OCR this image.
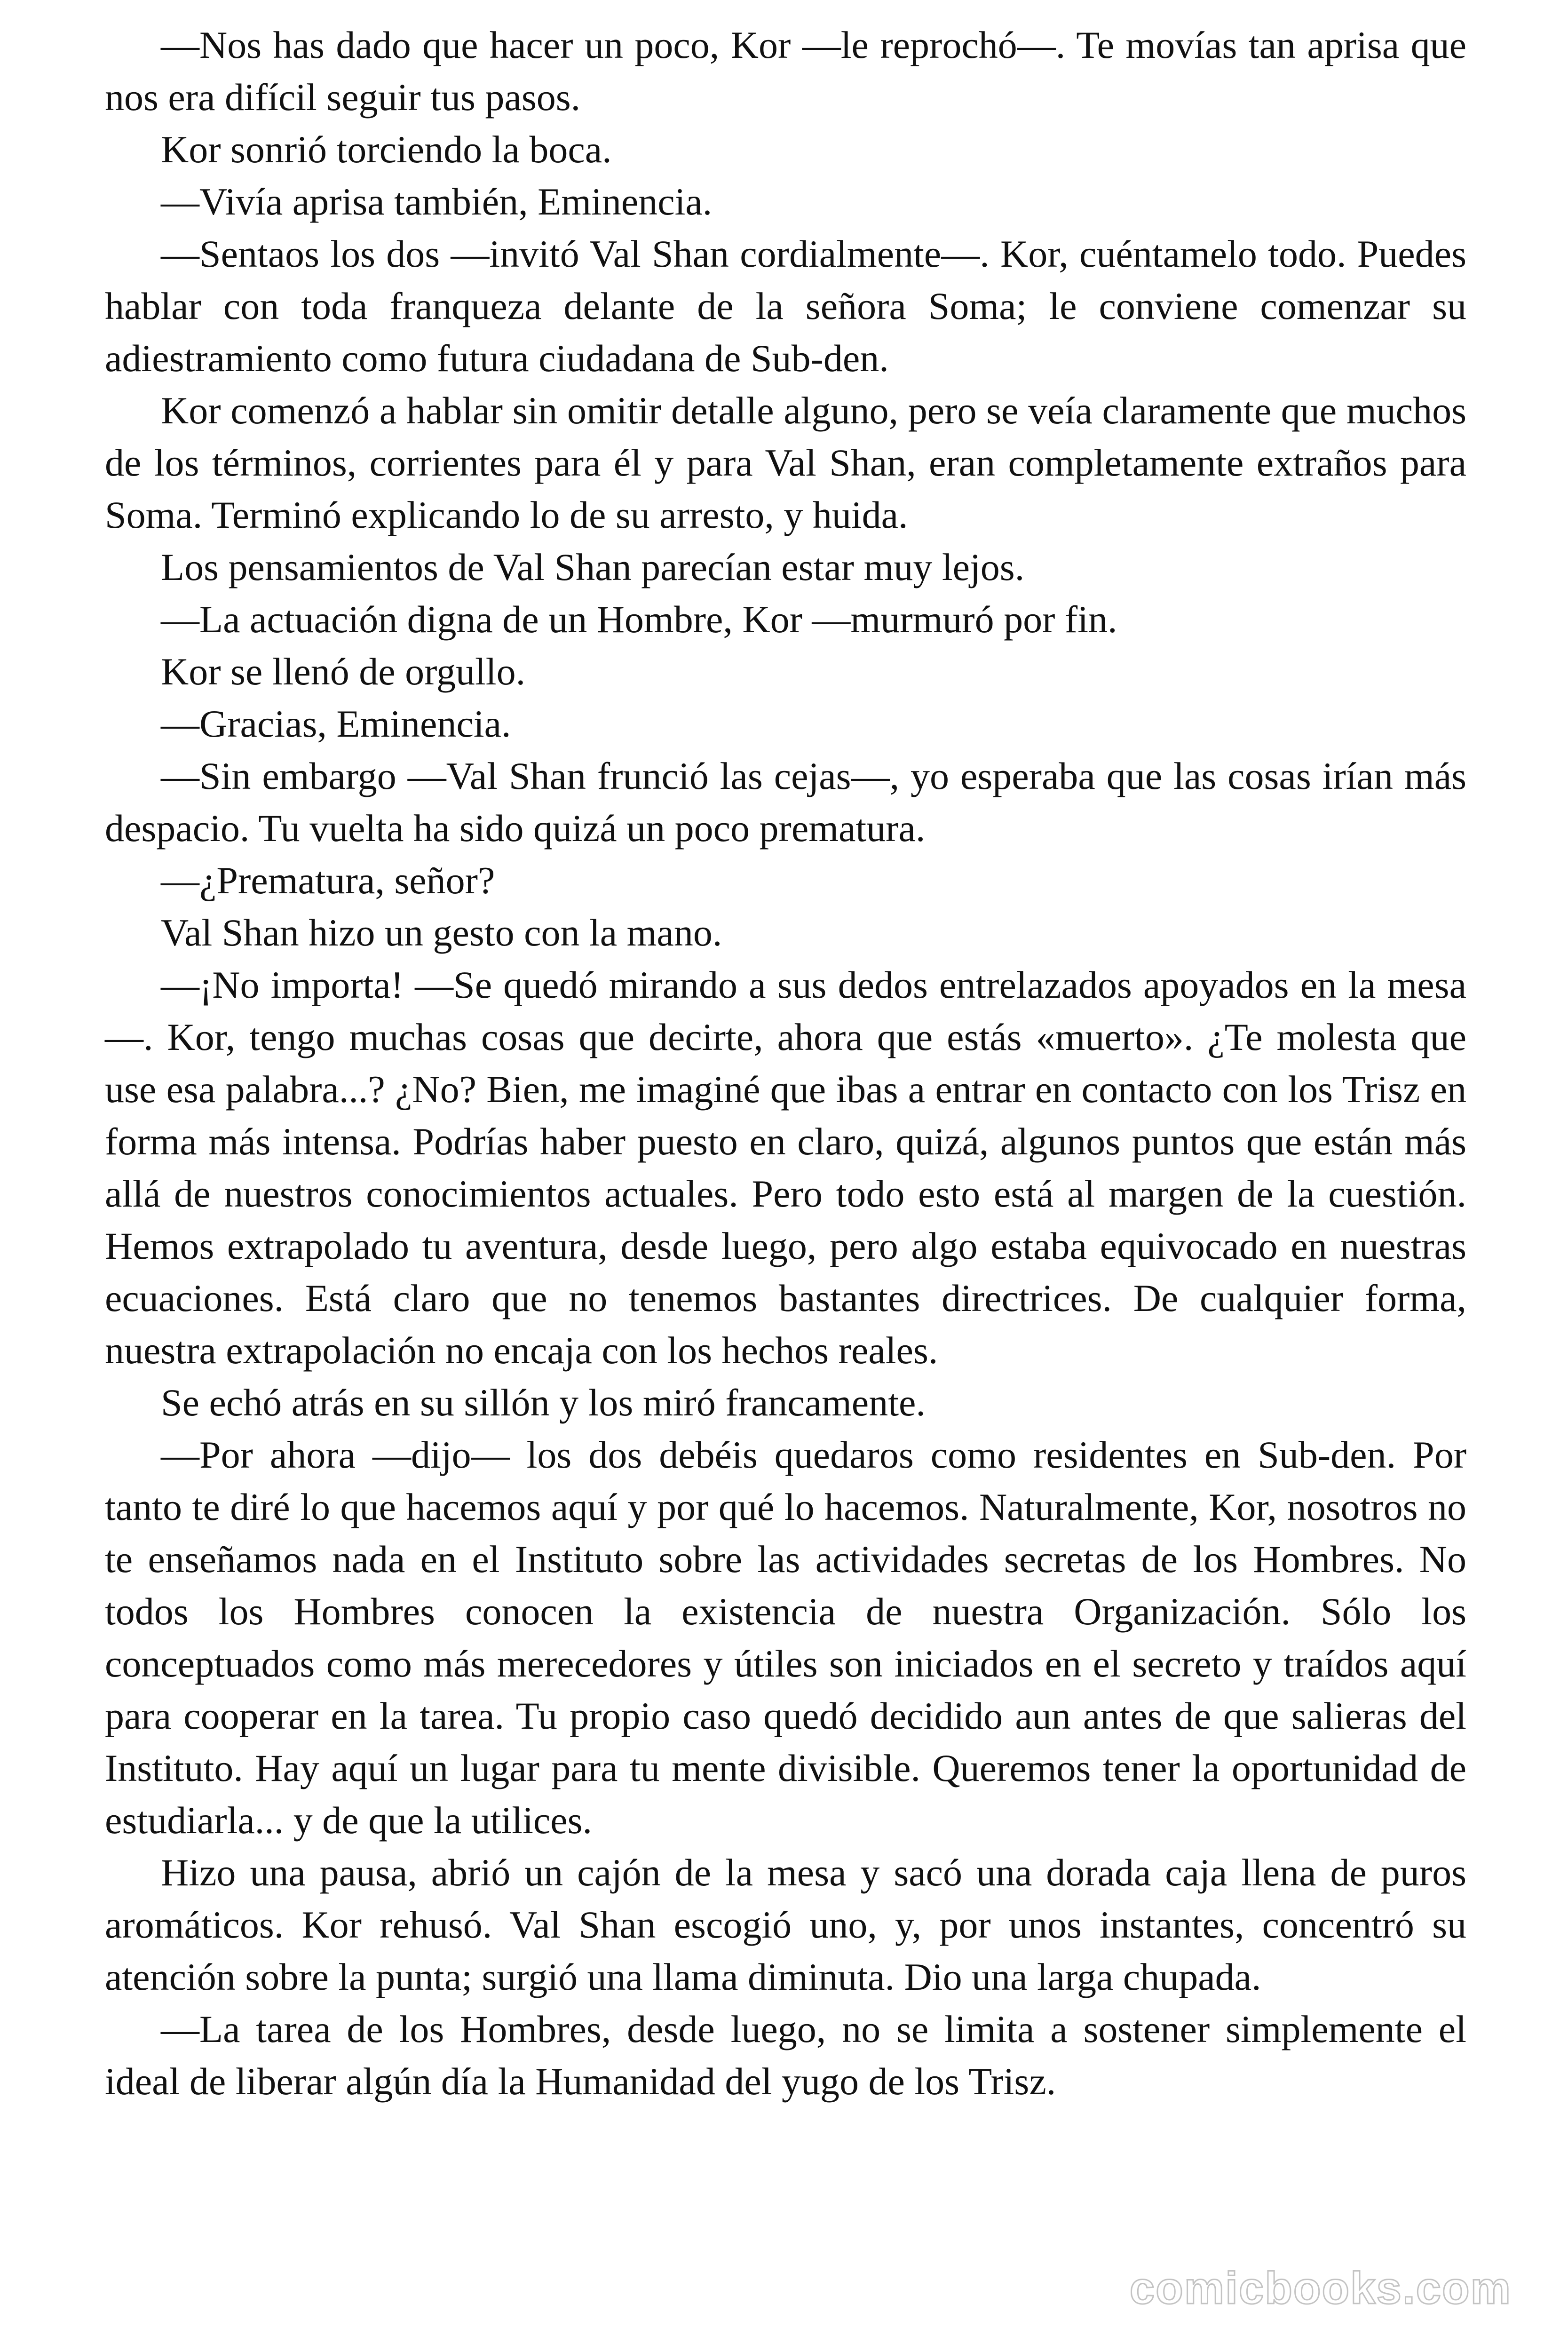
—Nos has dado que hacer un poco, Kor —le reprochó—. Te movías tan aprisa que nos era difícil seguir tus pasos.

Kor sonrió torciendo la boca.

—Vivía aprisa también, Eminencia.

—Sentaos los dos —invitó Val Shan cordialmente—. Kor, cuéntamelo todo. Puedes hablar con toda franqueza delante de la señora Soma; le conviene comenzar su adiestramiento como futura ciudadana de Sub-den.

Kor comenzó a hablar sin omitir detalle alguno, pero se veía claramente que muchos de los términos, corrientes para él y para Val Shan, eran completamente extraños para Soma. Terminó explicando lo de su arresto, y huida.

Los pensamientos de Val Shan parecían estar muy lejos.

—La actuación digna de un Hombre, Kor —murmuró por fin.

Kor se llenó de orgullo.

—Gracias, Eminencia.

—Sin embargo —Val Shan frunció las cejas—, yo esperaba que las cosas irían más despacio. Tu vuelta ha sido quizá un poco prematura.

—¿Prematura, señor?

Val Shan hizo un gesto con la mano.

—¡No importa! —Se quedó mirando a sus dedos entrelazados apoyados en la mesa—. Kor, tengo muchas cosas que decirte, ahora que estás «muerto». ¿Te molesta que use esa palabra...? ¿No? Bien, me imaginé que ibas a entrar en contacto con los Trisz en forma más intensa. Podrías haber puesto en claro, quizá, algunos puntos que están más allá de nuestros conocimientos actuales. Pero todo esto está al margen de la cuestión. Hemos extrapolado tu aventura, desde luego, pero algo estaba equivocado en nuestras ecuaciones. Está claro que no tenemos bastantes directrices. De cualquier forma, nuestra extrapolación no encaja con los hechos reales.

Se echó atrás en su sillón y los miró francamente.

—Por ahora —dijo— los dos debéis quedaros como residentes en Sub-den. Por tanto te diré lo que hacemos aquí y por qué lo hacemos. Naturalmente, Kor, nosotros no te enseñamos nada en el Instituto sobre las actividades secretas de los Hombres. No todos los Hombres conocen la existencia de nuestra Organización. Sólo los conceptuados como más merecedores y útiles son iniciados en el secreto y traídos aquí para cooperar en la tarea. Tu propio caso quedó decidido aun antes de que salieras del Instituto. Hay aquí un lugar para tu mente divisible. Queremos tener la oportunidad de estudiarla... y de que la utilices.

Hizo una pausa, abrió un cajón de la mesa y sacó una dorada caja llena de puros aromáticos. Kor rehusó. Val Shan escogió uno, y, por unos instantes, concentró su atención sobre la punta; surgió una llama diminuta. Dio una larga chupada.

—La tarea de los Hombres, desde luego, no se limita a sostener simplemente el ideal de liberar algún día la Humanidad del yugo de los Trisz.

comicbooks.com
